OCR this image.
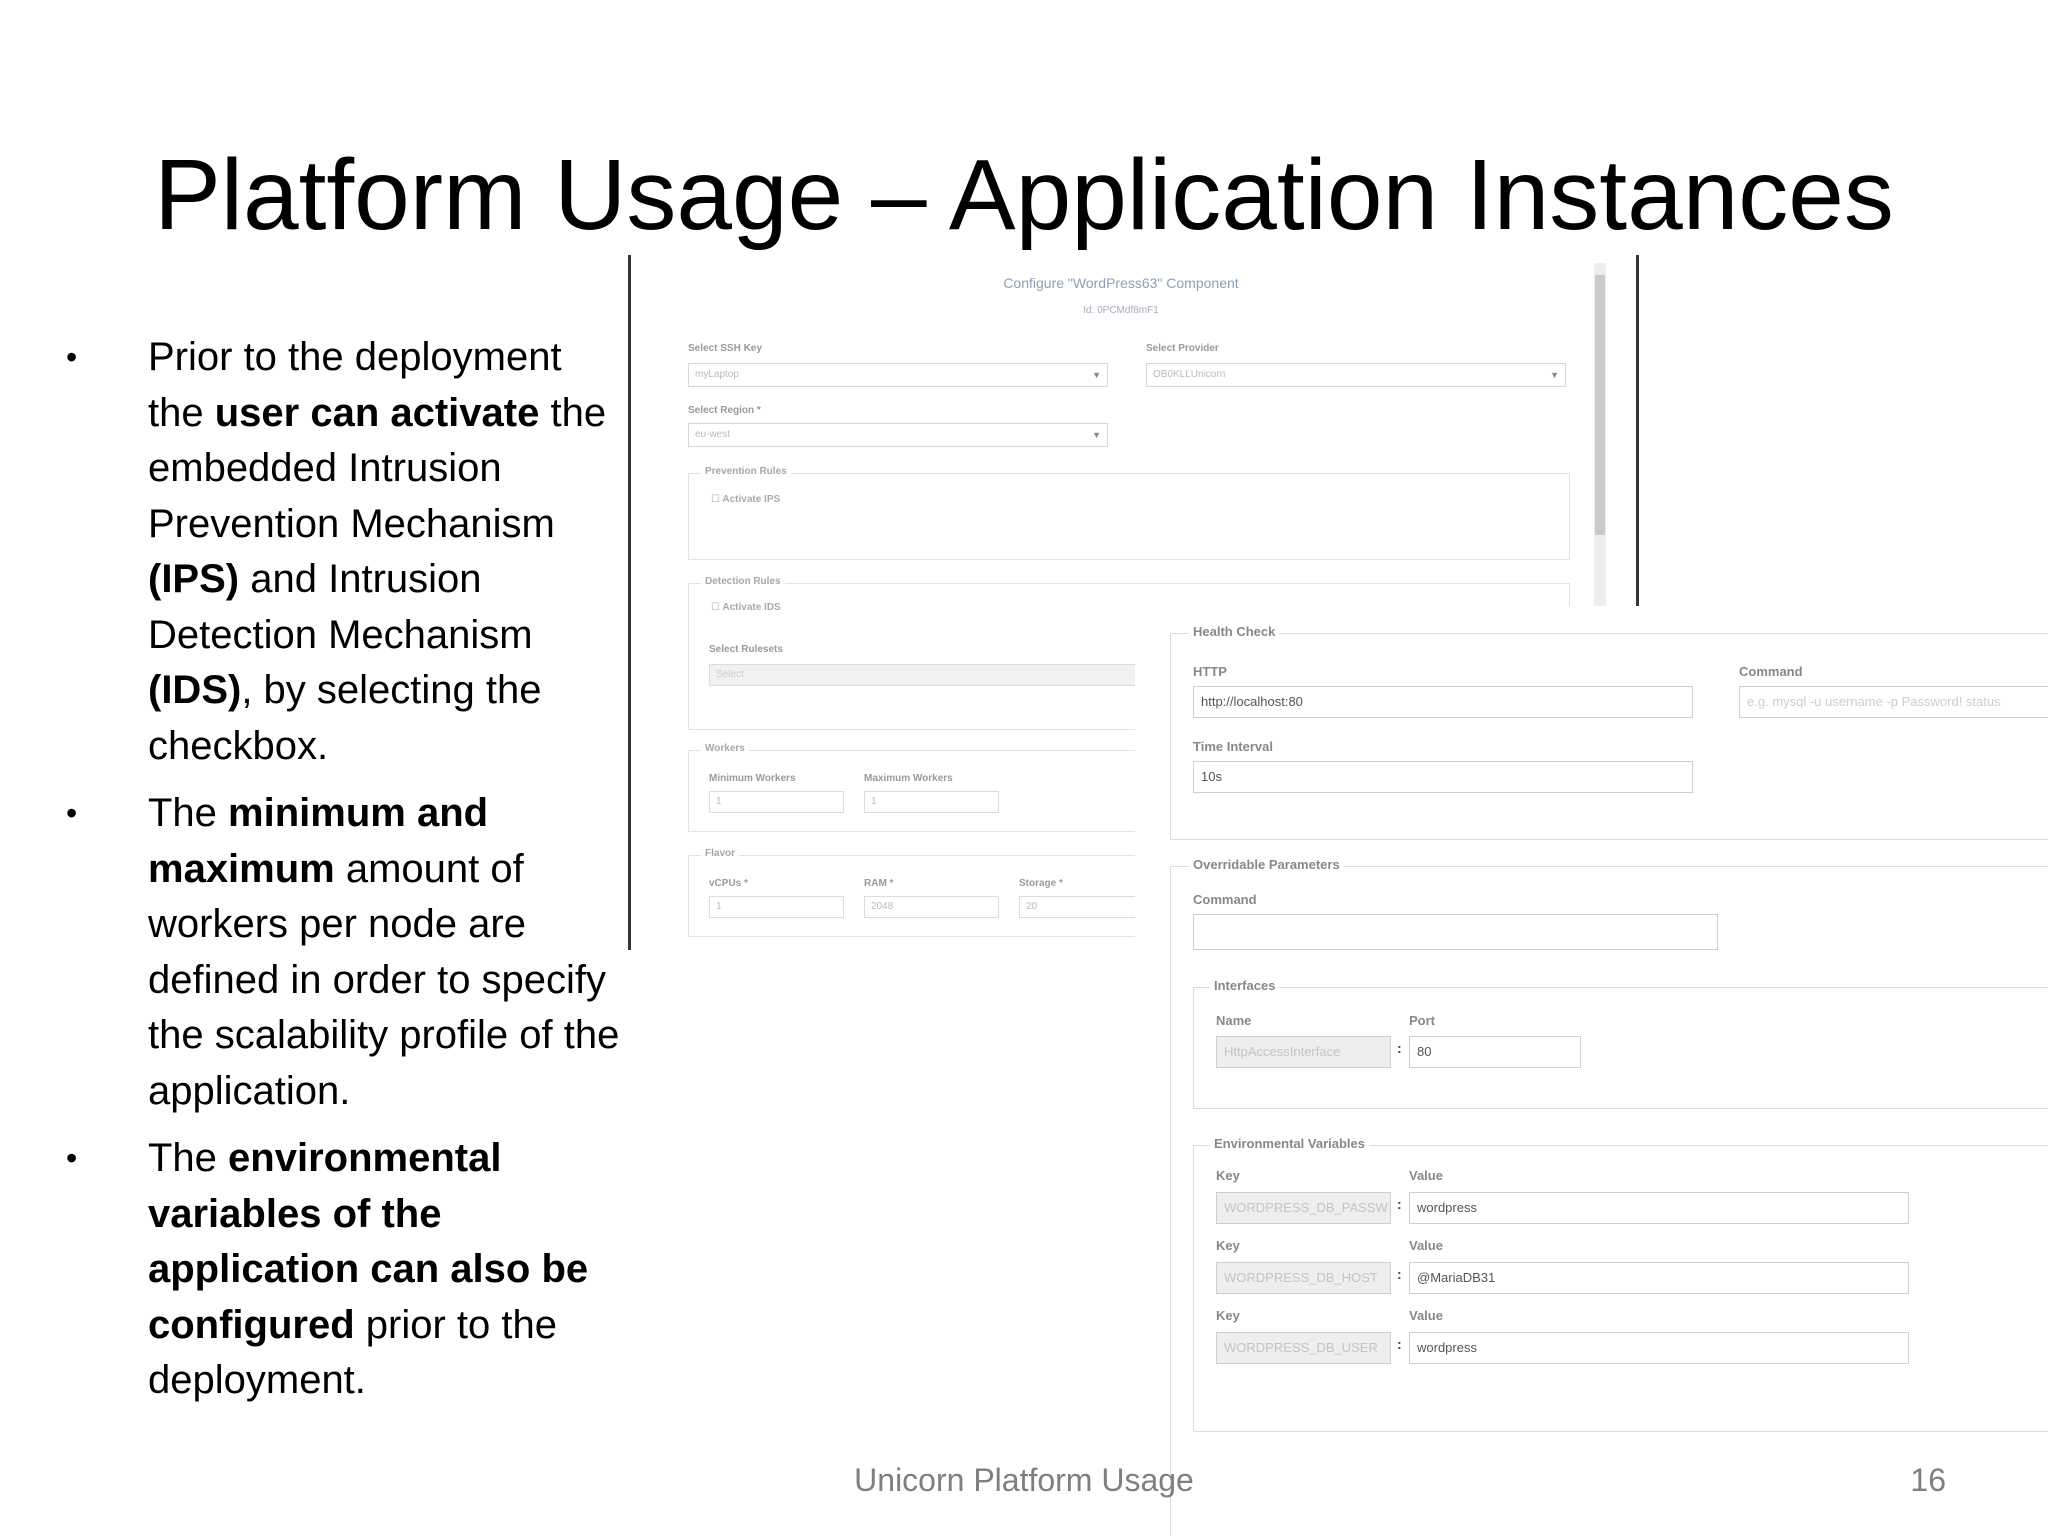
Platform Usage – Application Instances
• Prior to the deployment the user can activate the embedded Intrusion Prevention Mechanism (IPS) and Intrusion Detection Mechanism (IDS), by selecting the checkbox.
• The minimum and maximum amount of workers per node are defined in order to specify the scalability profile of the application.
• The environmental variables of the application can also be configured prior to the deployment.
Configure "WordPress63" Component
Id: 0PCMdf8mF1
Select SSH Key
myLaptop	▼
Select Provider
OB0KLLUnicorn	▼
Select Region *
eu-west	▼
Prevention Rules
☐ Activate IPS
Detection Rules
☐ Activate IDS
Select Rulesets
Select
Workers
Minimum Workers
1
Maximum Workers
1
Flavor
vCPUs *
1
RAM *
2048
Storage *
20
Health Check
HTTP
http://localhost:80
Command
e.g. mysql -u username -p Password! status
Time Interval
10s
Overridable Parameters
Command
Interfaces
Name
HttpAccessInterface	:
Port
80
Environmental Variables
Key
WORDPRESS_DB_PASSW :
Value
wordpress
Key
WORDPRESS_DB_HOST	:
Value
@MariaDB31
Key
WORDPRESS_DB_USER	:
Value
wordpress
Unicorn Platform Usage	16
